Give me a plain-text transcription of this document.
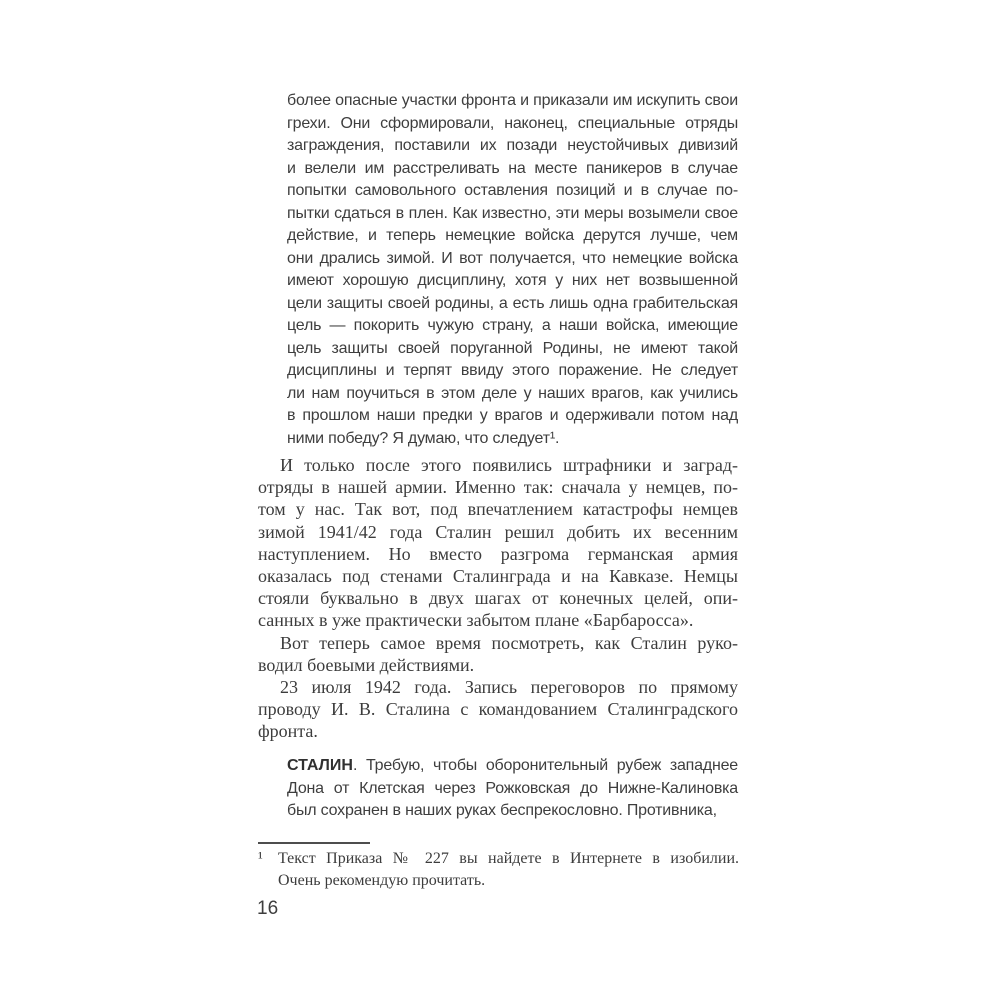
более опасные участки фронта и приказали им искупить свои
грехи. Они сформировали, наконец, специальные отряды
заграждения, поставили их позади неустойчивых дивизий
и велели им расстреливать на месте паникеров в случае
попытки самовольного оставления позиций и в случае по-
пытки сдаться в плен. Как известно, эти меры возымели свое
действие, и теперь немецкие войска дерутся лучше, чем
они дрались зимой. И вот получается, что немецкие войска
имеют хорошую дисциплину, хотя у них нет возвышенной
цели защиты своей родины, а есть лишь одна грабительская
цель — покорить чужую страну, а наши войска, имеющие
цель защиты своей поруганной Родины, не имеют такой
дисциплины и терпят ввиду этого поражение. Не следует
ли нам поучиться в этом деле у наших врагов, как учились
в прошлом наши предки у врагов и одерживали потом над
ними победу? Я думаю, что следует¹.
И только после этого появились штрафники и заград-
отряды в нашей армии. Именно так: сначала у немцев, по-
том у нас. Так вот, под впечатлением катастрофы немцев
зимой 1941/42 года Сталин решил добить их весенним
наступлением. Но вместо разгрома германская армия
оказалась под стенами Сталинграда и на Кавказе. Немцы
стояли буквально в двух шагах от конечных целей, опи-
санных в уже практически забытом плане «Барбаросса».
Вот теперь самое время посмотреть, как Сталин руко-
водил боевыми действиями.
23 июля 1942 года. Запись переговоров по прямому
проводу И. В. Сталина с командованием Сталинградского
фронта.
СТАЛИН. Требую, чтобы оборонительный рубеж западнее
Дона от Клетская через Рожковская до Нижне-Калиновка
был сохранен в наших руках беспрекословно. Противника,
¹ Текст Приказа № 227 вы найдете в Интернете в изобилии.
Очень рекомендую прочитать.
16
